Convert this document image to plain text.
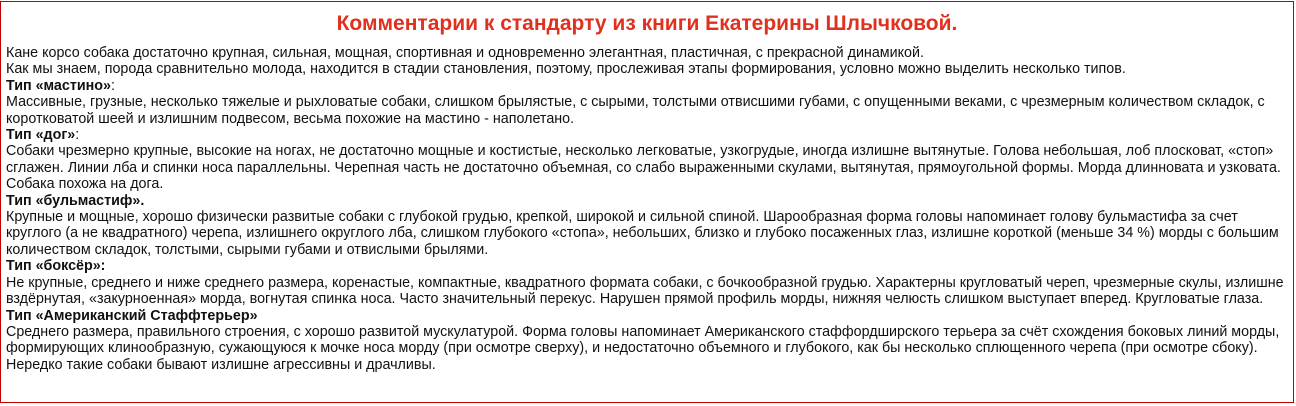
Комментарии к стандарту из книги Екатерины Шлычковой.

Кане корсо собака достаточно крупная, сильная, мощная, спортивная и одновременно элегантная, пластичная, с прекрасной динамикой.

Как мы знаем, порода сравнительно молода, находится в стадии становления, поэтому, прослеживая этапы формирования, условно можно выделить несколько типов.

Тип «мастино»:

Массивные, грузные, несколько тяжелые и рыхловатые собаки, слишком брылястые, с сырыми, толстыми отвисшими губами, с опущенными веками, с чрезмерным количеством складок, с коротковатой шеей и излишним подвесом, весьма похожие на мастино - наполетано.

Тип «дог»:

Собаки чрезмерно крупные, высокие на ногах, не достаточно мощные и костистые, несколько легковатые, узкогрудые, иногда излишне вытянутые. Голова небольшая, лоб плосковат, «стоп» сглажен. Линии лба и спинки носа параллельны. Черепная часть не достаточно объемная, со слабо выраженными скулами, вытянутая, прямоугольной формы. Морда длинновата и узковата. Собака похожа на дога.

Тип «бульмастиф».

Крупные и мощные, хорошо физически развитые собаки с глубокой грудью, крепкой, широкой и сильной спиной. Шарообразная форма головы напоминает голову бульмастифа за счет круглого (а не квадратного) черепа, излишнего округлого лба, слишком глубокого «стопа», небольших, близко и глубоко посаженных глаз, излишне короткой (меньше 34 %) морды с большим количеством складок, толстыми, сырыми губами и отвислыми брылями.

Тип «боксёр»:

Не крупные, среднего и ниже среднего размера, коренастые, компактные, квадратного формата собаки, с бочкообразной грудью. Характерны кругловатый череп, чрезмерные скулы, излишне вздёрнутая, «закурноенная» морда, вогнутая спинка носа. Часто значительный перекус. Нарушен прямой профиль морды, нижняя челюсть слишком выступает вперед. Кругловатые глаза.

Тип «Американский Стаффтерьер»

Среднего размера, правильного строения, с хорошо развитой мускулатурой. Форма головы напоминает Американского стаффордширского терьера за счёт схождения боковых линий морды, формирующих клинообразную, сужающуюся к мочке носа морду (при осмотре сверху), и недостаточно объемного и глубокого, как бы несколько сплющенного черепа (при осмотре сбоку). Нередко такие собаки бывают излишне агрессивны и драчливы.
